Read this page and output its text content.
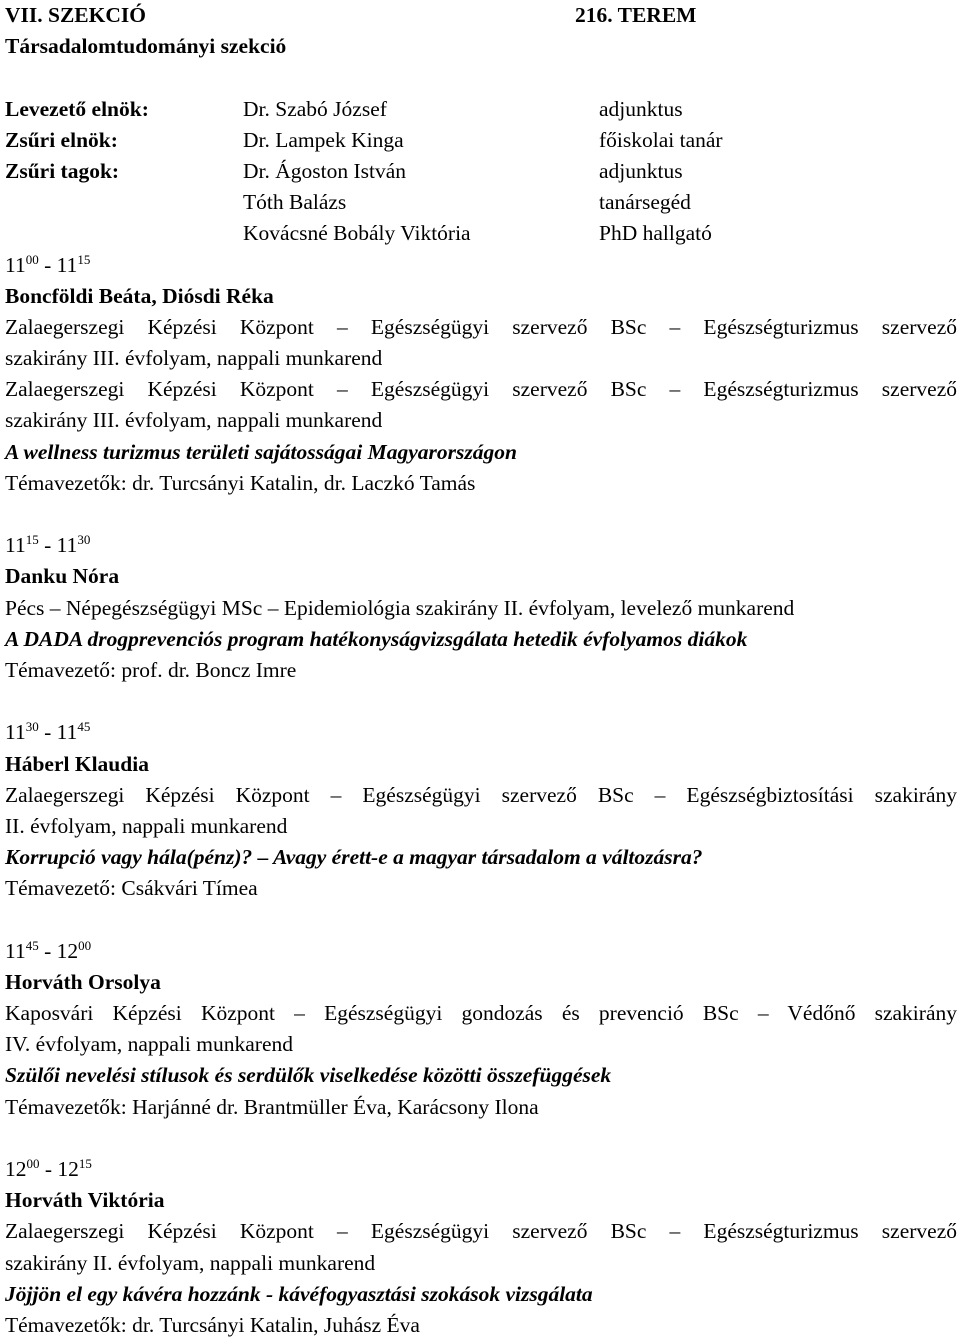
VII. SZEKCIÓ	216. TEREM
Társadalomtudományi szekció
Levezető elnök:	Dr. Szabó József	adjunktus
Zsűri elnök:	Dr. Lampek Kinga	főiskolai tanár
Zsűri tagok:	Dr. Ágoston István	adjunktus
Tóth Balázs	tanársegéd
Kovácsné Bobály Viktória	PhD hallgató
$11^{00} - 11^{15}$
Boncföldi Beáta, Diósdi Réka
Zalaegerszegi Képzési Központ – Egészségügyi szervező BSc – Egészségturizmus szervező
szakirány III. évfolyam, nappali munkarend
Zalaegerszegi Képzési Központ – Egészségügyi szervező BSc – Egészségturizmus szervező
szakirány III. évfolyam, nappali munkarend
A wellness turizmus területi sajátosságai Magyarországon
Témavezetők: dr. Turcsányi Katalin, dr. Laczkó Tamás
$11^{15} - 11^{30}$
Danku Nóra
Pécs – Népegészségügyi MSc – Epidemiológia szakirány II. évfolyam, levelező munkarend
A DADA drogprevenciós program hatékonyságvizsgálata hetedik évfolyamos diákok
Témavezető: prof. dr. Boncz Imre
$11^{30} - 11^{45}$
Háberl Klaudia
Zalaegerszegi Képzési Központ – Egészségügyi szervező BSc – Egészségbiztosítási szakirány
II. évfolyam, nappali munkarend
Korrupció vagy hála(pénz)? – Avagy érett-e a magyar társadalom a változásra?
Témavezető: Csákvári Tímea
$11^{45} - 12^{00}$
Horváth Orsolya
Kaposvári Képzési Központ – Egészségügyi gondozás és prevenció BSc – Védőnő szakirány
IV. évfolyam, nappali munkarend
Szülői nevelési stílusok és serdülők viselkedése közötti összefüggések
Témavezetők: Harjánné dr. Brantmüller Éva, Karácsony Ilona
$12^{00} - 12^{15}$
Horváth Viktória
Zalaegerszegi Képzési Központ – Egészségügyi szervező BSc – Egészségturizmus szervező
szakirány II. évfolyam, nappali munkarend
Jöjjön el egy kávéra hozzánk - kávéfogyasztási szokások vizsgálata
Témavezetők: dr. Turcsányi Katalin, Juhász Éva
